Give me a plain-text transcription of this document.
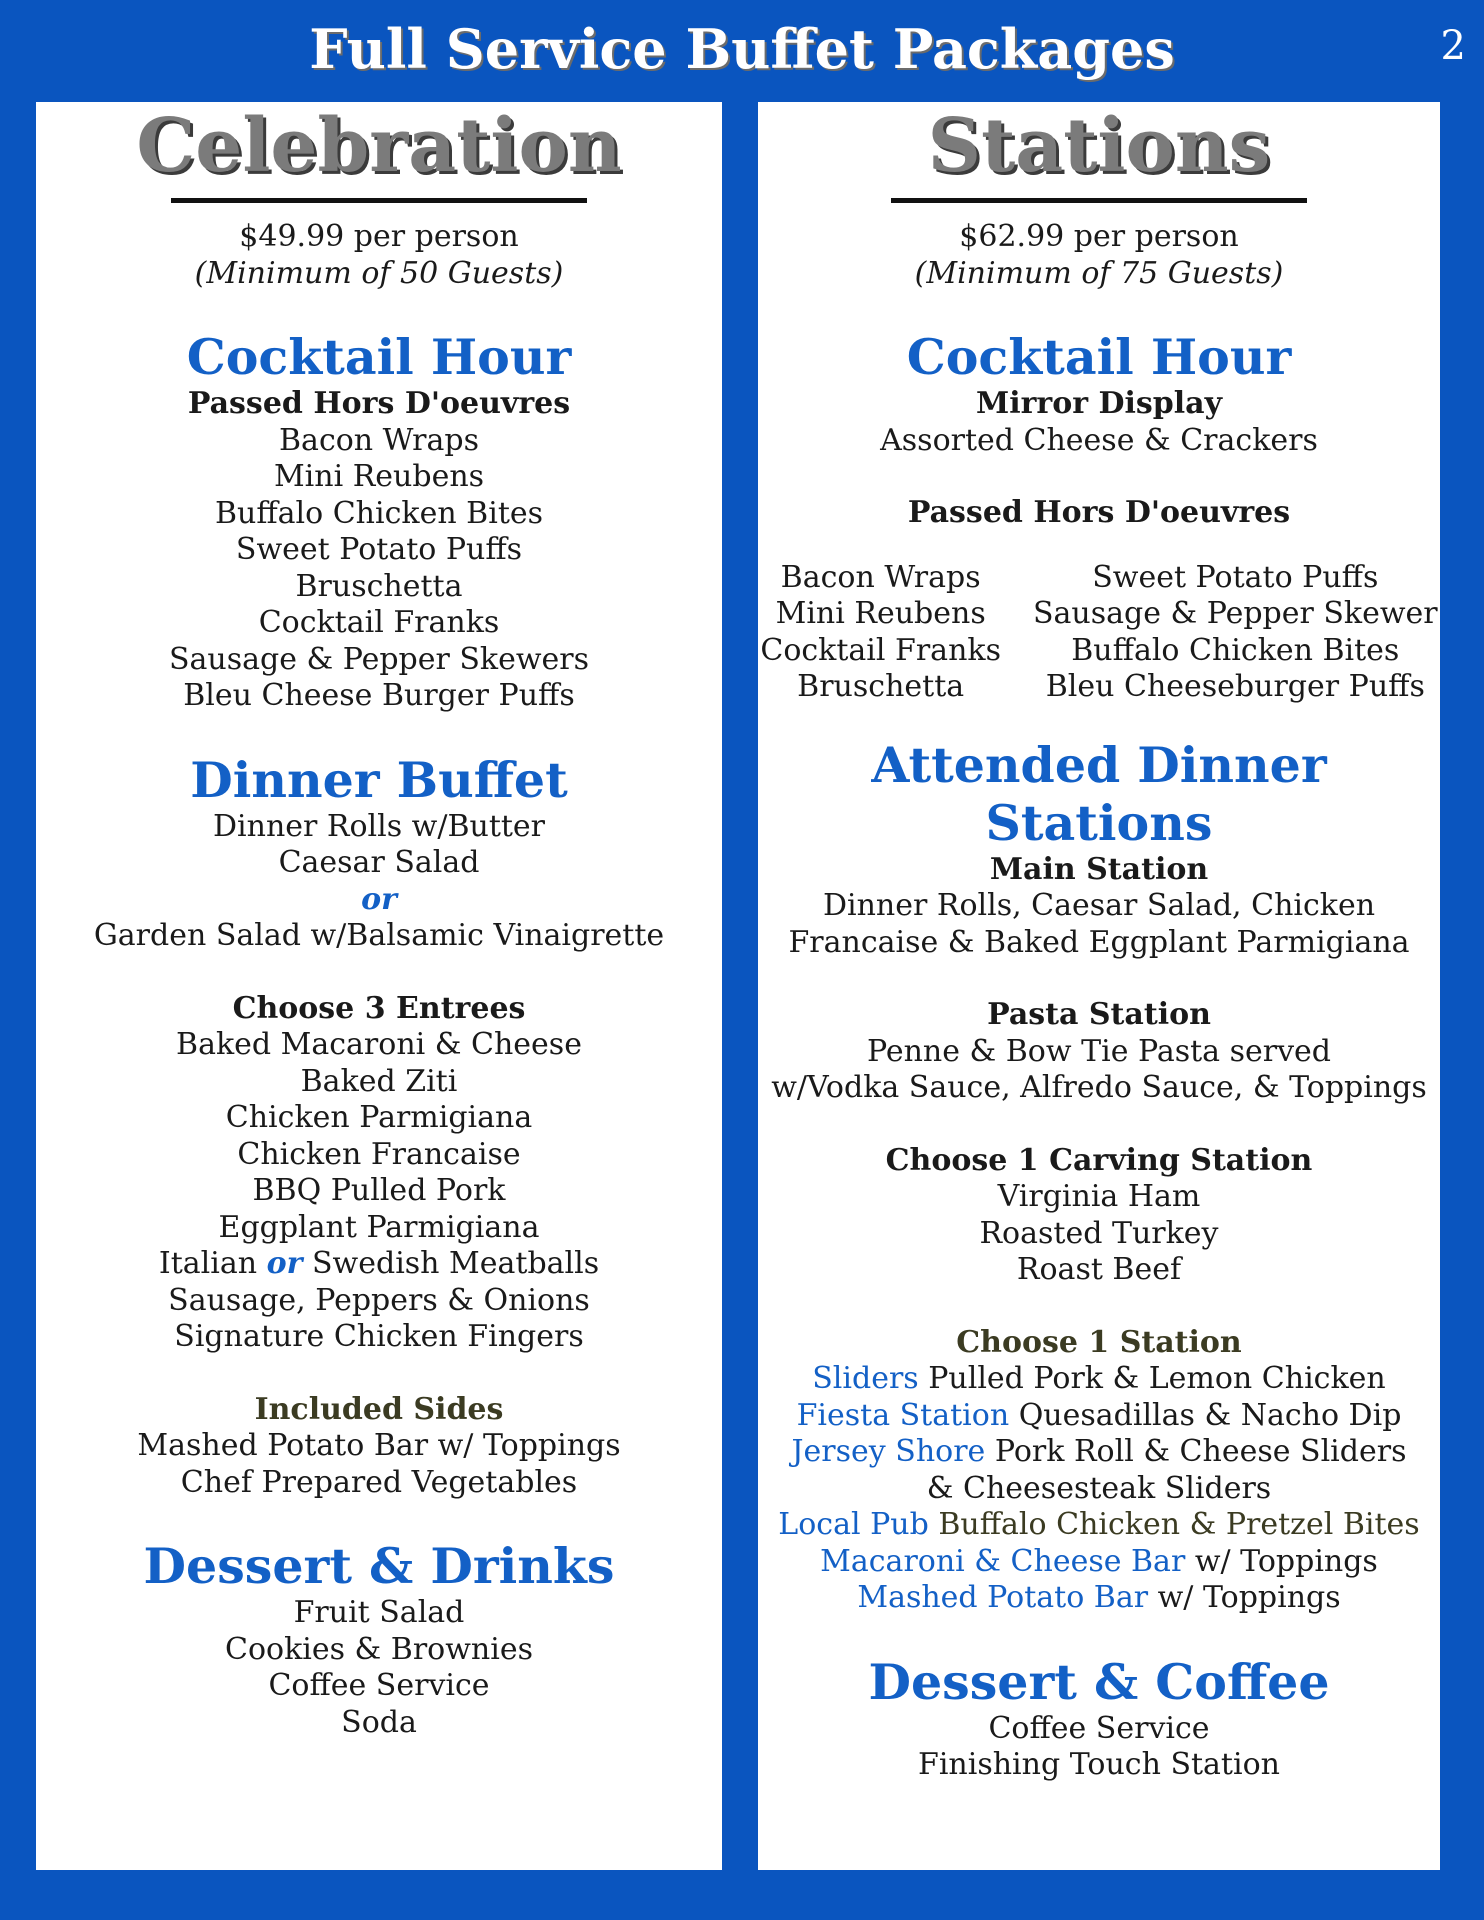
Full Service Buffet Packages	2
Celebration
$49.99 per person
(Minimum of 50 Guests)
Cocktail Hour
Passed Hors D'oeuvres
Bacon Wraps
Mini Reubens
Buffalo Chicken Bites
Sweet Potato Puffs
Bruschetta
Cocktail Franks
Sausage & Pepper Skewers
Bleu Cheese Burger Puffs
Dinner Buffet
Dinner Rolls w/Butter
Caesar Salad
or
Garden Salad w/Balsamic Vinaigrette
Choose 3 Entrees
Baked Macaroni & Cheese
Baked Ziti
Chicken Parmigiana
Chicken Francaise
BBQ Pulled Pork
Eggplant Parmigiana
Italian or Swedish Meatballs
Sausage, Peppers & Onions
Signature Chicken Fingers
Included Sides
Mashed Potato Bar w/ Toppings
Chef Prepared Vegetables
Dessert & Drinks
Fruit Salad
Cookies & Brownies
Coffee Service
Soda
Stations
$62.99 per person
(Minimum of 75 Guests)
Cocktail Hour
Mirror Display
Assorted Cheese & Crackers
Passed Hors D'oeuvres
Bacon Wraps
Mini Reubens
Cocktail Franks
Bruschetta
Sweet Potato Puffs
Sausage & Pepper Skewer
Buffalo Chicken Bites
Bleu Cheeseburger Puffs
Attended Dinner Stations
Main Station
Dinner Rolls, Caesar Salad, Chicken
Francaise & Baked Eggplant Parmigiana
Pasta Station
Penne & Bow Tie Pasta served
w/Vodka Sauce, Alfredo Sauce, & Toppings
Choose 1 Carving Station
Virginia Ham
Roasted Turkey
Roast Beef
Choose 1 Station
Sliders Pulled Pork & Lemon Chicken
Fiesta Station Quesadillas & Nacho Dip
Jersey Shore Pork Roll & Cheese Sliders
& Cheesesteak Sliders
Local Pub Buffalo Chicken & Pretzel Bites
Macaroni & Cheese Bar w/ Toppings
Mashed Potato Bar w/ Toppings
Dessert & Coffee
Coffee Service
Finishing Touch Station
